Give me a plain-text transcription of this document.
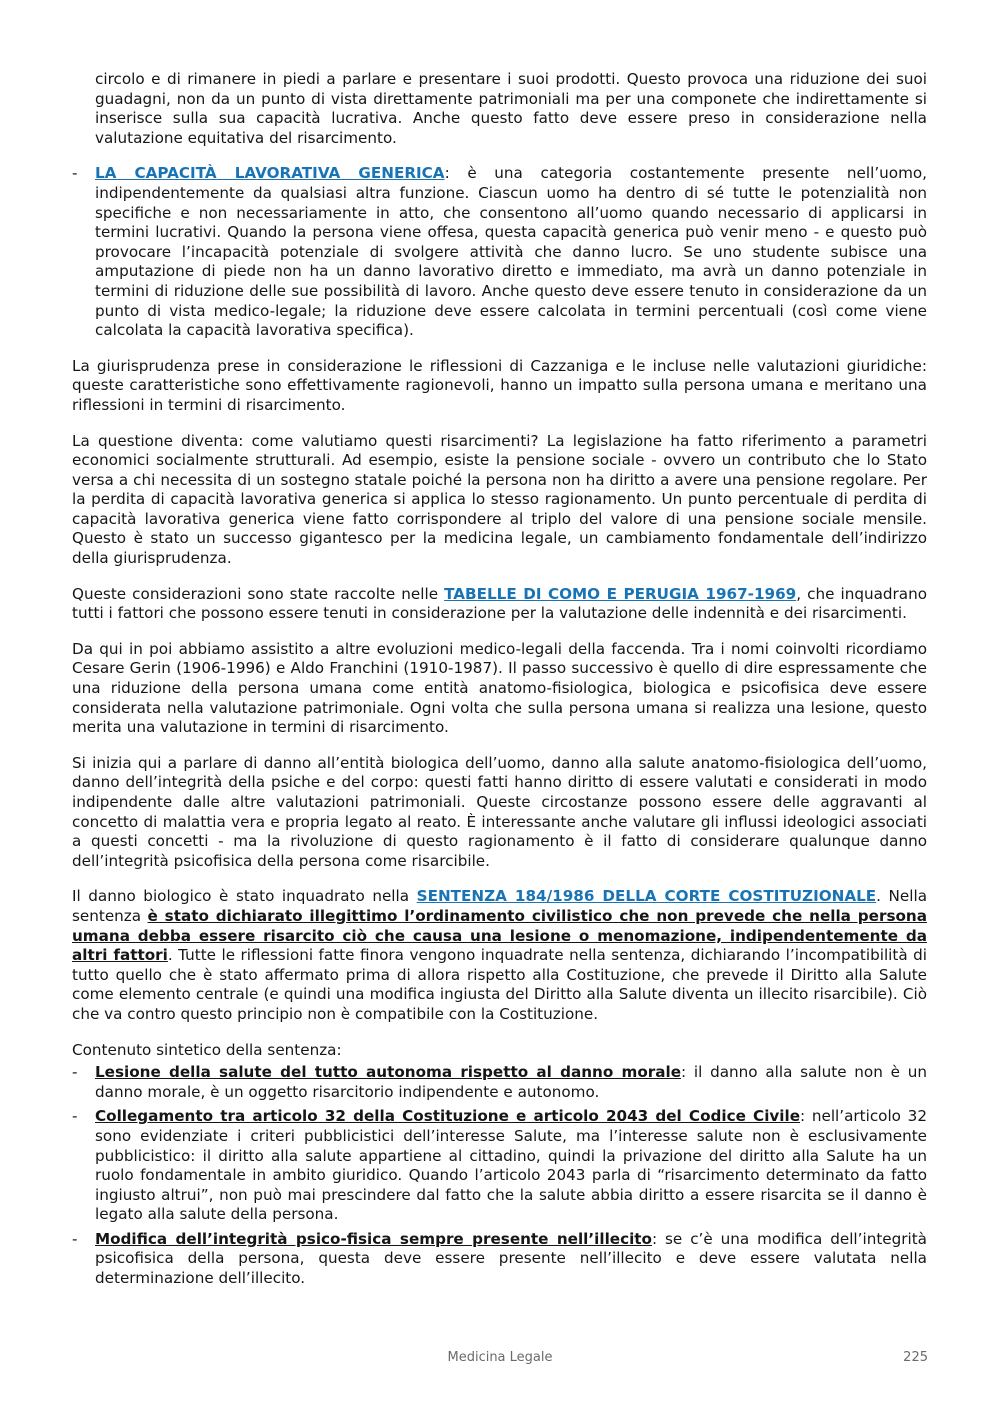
circolo e di rimanere in piedi a parlare e presentare i suoi prodotti. Questo provoca una riduzione dei suoi guadagni, non da un punto di vista direttamente patrimoniali ma per una componete che indirettamente si inserisce sulla sua capacità lucrativa. Anche questo fatto deve essere preso in considerazione nella valutazione equitativa del risarcimento.

- LA CAPACITÀ LAVORATIVA GENERICA: è una categoria costantemente presente nell’uomo, indipendentemente da qualsiasi altra funzione. Ciascun uomo ha dentro di sé tutte le potenzialità non specifiche e non necessariamente in atto, che consentono all’uomo quando necessario di applicarsi in termini lucrativi. Quando la persona viene offesa, questa capacità generica può venir meno - e questo può provocare l’incapacità potenziale di svolgere attività che danno lucro. Se uno studente subisce una amputazione di piede non ha un danno lavorativo diretto e immediato, ma avrà un danno potenziale in termini di riduzione delle sue possibilità di lavoro. Anche questo deve essere tenuto in considerazione da un punto di vista medico-legale; la riduzione deve essere calcolata in termini percentuali (così come viene calcolata la capacità lavorativa specifica).

La giurisprudenza prese in considerazione le riflessioni di Cazzaniga e le incluse nelle valutazioni giuridiche: queste caratteristiche sono effettivamente ragionevoli, hanno un impatto sulla persona umana e meritano una riflessioni in termini di risarcimento.

La questione diventa: come valutiamo questi risarcimenti? La legislazione ha fatto riferimento a parametri economici socialmente strutturali. Ad esempio, esiste la pensione sociale - ovvero un contributo che lo Stato versa a chi necessita di un sostegno statale poiché la persona non ha diritto a avere una pensione regolare. Per la perdita di capacità lavorativa generica si applica lo stesso ragionamento. Un punto percentuale di perdita di capacità lavorativa generica viene fatto corrispondere al triplo del valore di una pensione sociale mensile. Questo è stato un successo gigantesco per la medicina legale, un cambiamento fondamentale dell’indirizzo della giurisprudenza.

Queste considerazioni sono state raccolte nelle TABELLE DI COMO E PERUGIA 1967-1969, che inquadrano tutti i fattori che possono essere tenuti in considerazione per la valutazione delle indennità e dei risarcimenti.

Da qui in poi abbiamo assistito a altre evoluzioni medico-legali della faccenda. Tra i nomi coinvolti ricordiamo Cesare Gerin (1906-1996) e Aldo Franchini (1910-1987). Il passo successivo è quello di dire espressamente che una riduzione della persona umana come entità anatomo-fisiologica, biologica e psicofisica deve essere considerata nella valutazione patrimoniale. Ogni volta che sulla persona umana si realizza una lesione, questo merita una valutazione in termini di risarcimento.

Si inizia qui a parlare di danno all’entità biologica dell’uomo, danno alla salute anatomo-fisiologica dell’uomo, danno dell’integrità della psiche e del corpo: questi fatti hanno diritto di essere valutati e considerati in modo indipendente dalle altre valutazioni patrimoniali. Queste circostanze possono essere delle aggravanti al concetto di malattia vera e propria legato al reato. È interessante anche valutare gli influssi ideologici associati a questi concetti - ma la rivoluzione di questo ragionamento è il fatto di considerare qualunque danno dell’integrità psicofisica della persona come risarcibile.

Il danno biologico è stato inquadrato nella SENTENZA 184/1986 DELLA CORTE COSTITUZIONALE. Nella sentenza è stato dichiarato illegittimo l’ordinamento civilistico che non prevede che nella persona umana debba essere risarcito ciò che causa una lesione o menomazione, indipendentemente da altri fattori. Tutte le riflessioni fatte finora vengono inquadrate nella sentenza, dichiarando l’incompatibilità di tutto quello che è stato affermato prima di allora rispetto alla Costituzione, che prevede il Diritto alla Salute come elemento centrale (e quindi una modifica ingiusta del Diritto alla Salute diventa un illecito risarcibile). Ciò che va contro questo principio non è compatibile con la Costituzione.

Contenuto sintetico della sentenza:
- Lesione della salute del tutto autonoma rispetto al danno morale: il danno alla salute non è un danno morale, è un oggetto risarcitorio indipendente e autonomo.
- Collegamento tra articolo 32 della Costituzione e articolo 2043 del Codice Civile: nell’articolo 32 sono evidenziate i criteri pubblicistici dell’interesse Salute, ma l’interesse salute non è esclusivamente pubblicistico: il diritto alla salute appartiene al cittadino, quindi la privazione del diritto alla Salute ha un ruolo fondamentale in ambito giuridico. Quando l’articolo 2043 parla di “risarcimento determinato da fatto ingiusto altrui”, non può mai prescindere dal fatto che la salute abbia diritto a essere risarcita se il danno è legato alla salute della persona.
- Modifica dell’integrità psico-fisica sempre presente nell’illecito: se c’è una modifica dell’integrità psicofisica della persona, questa deve essere presente nell’illecito e deve essere valutata nella determinazione dell’illecito.
Medicina Legale	225
